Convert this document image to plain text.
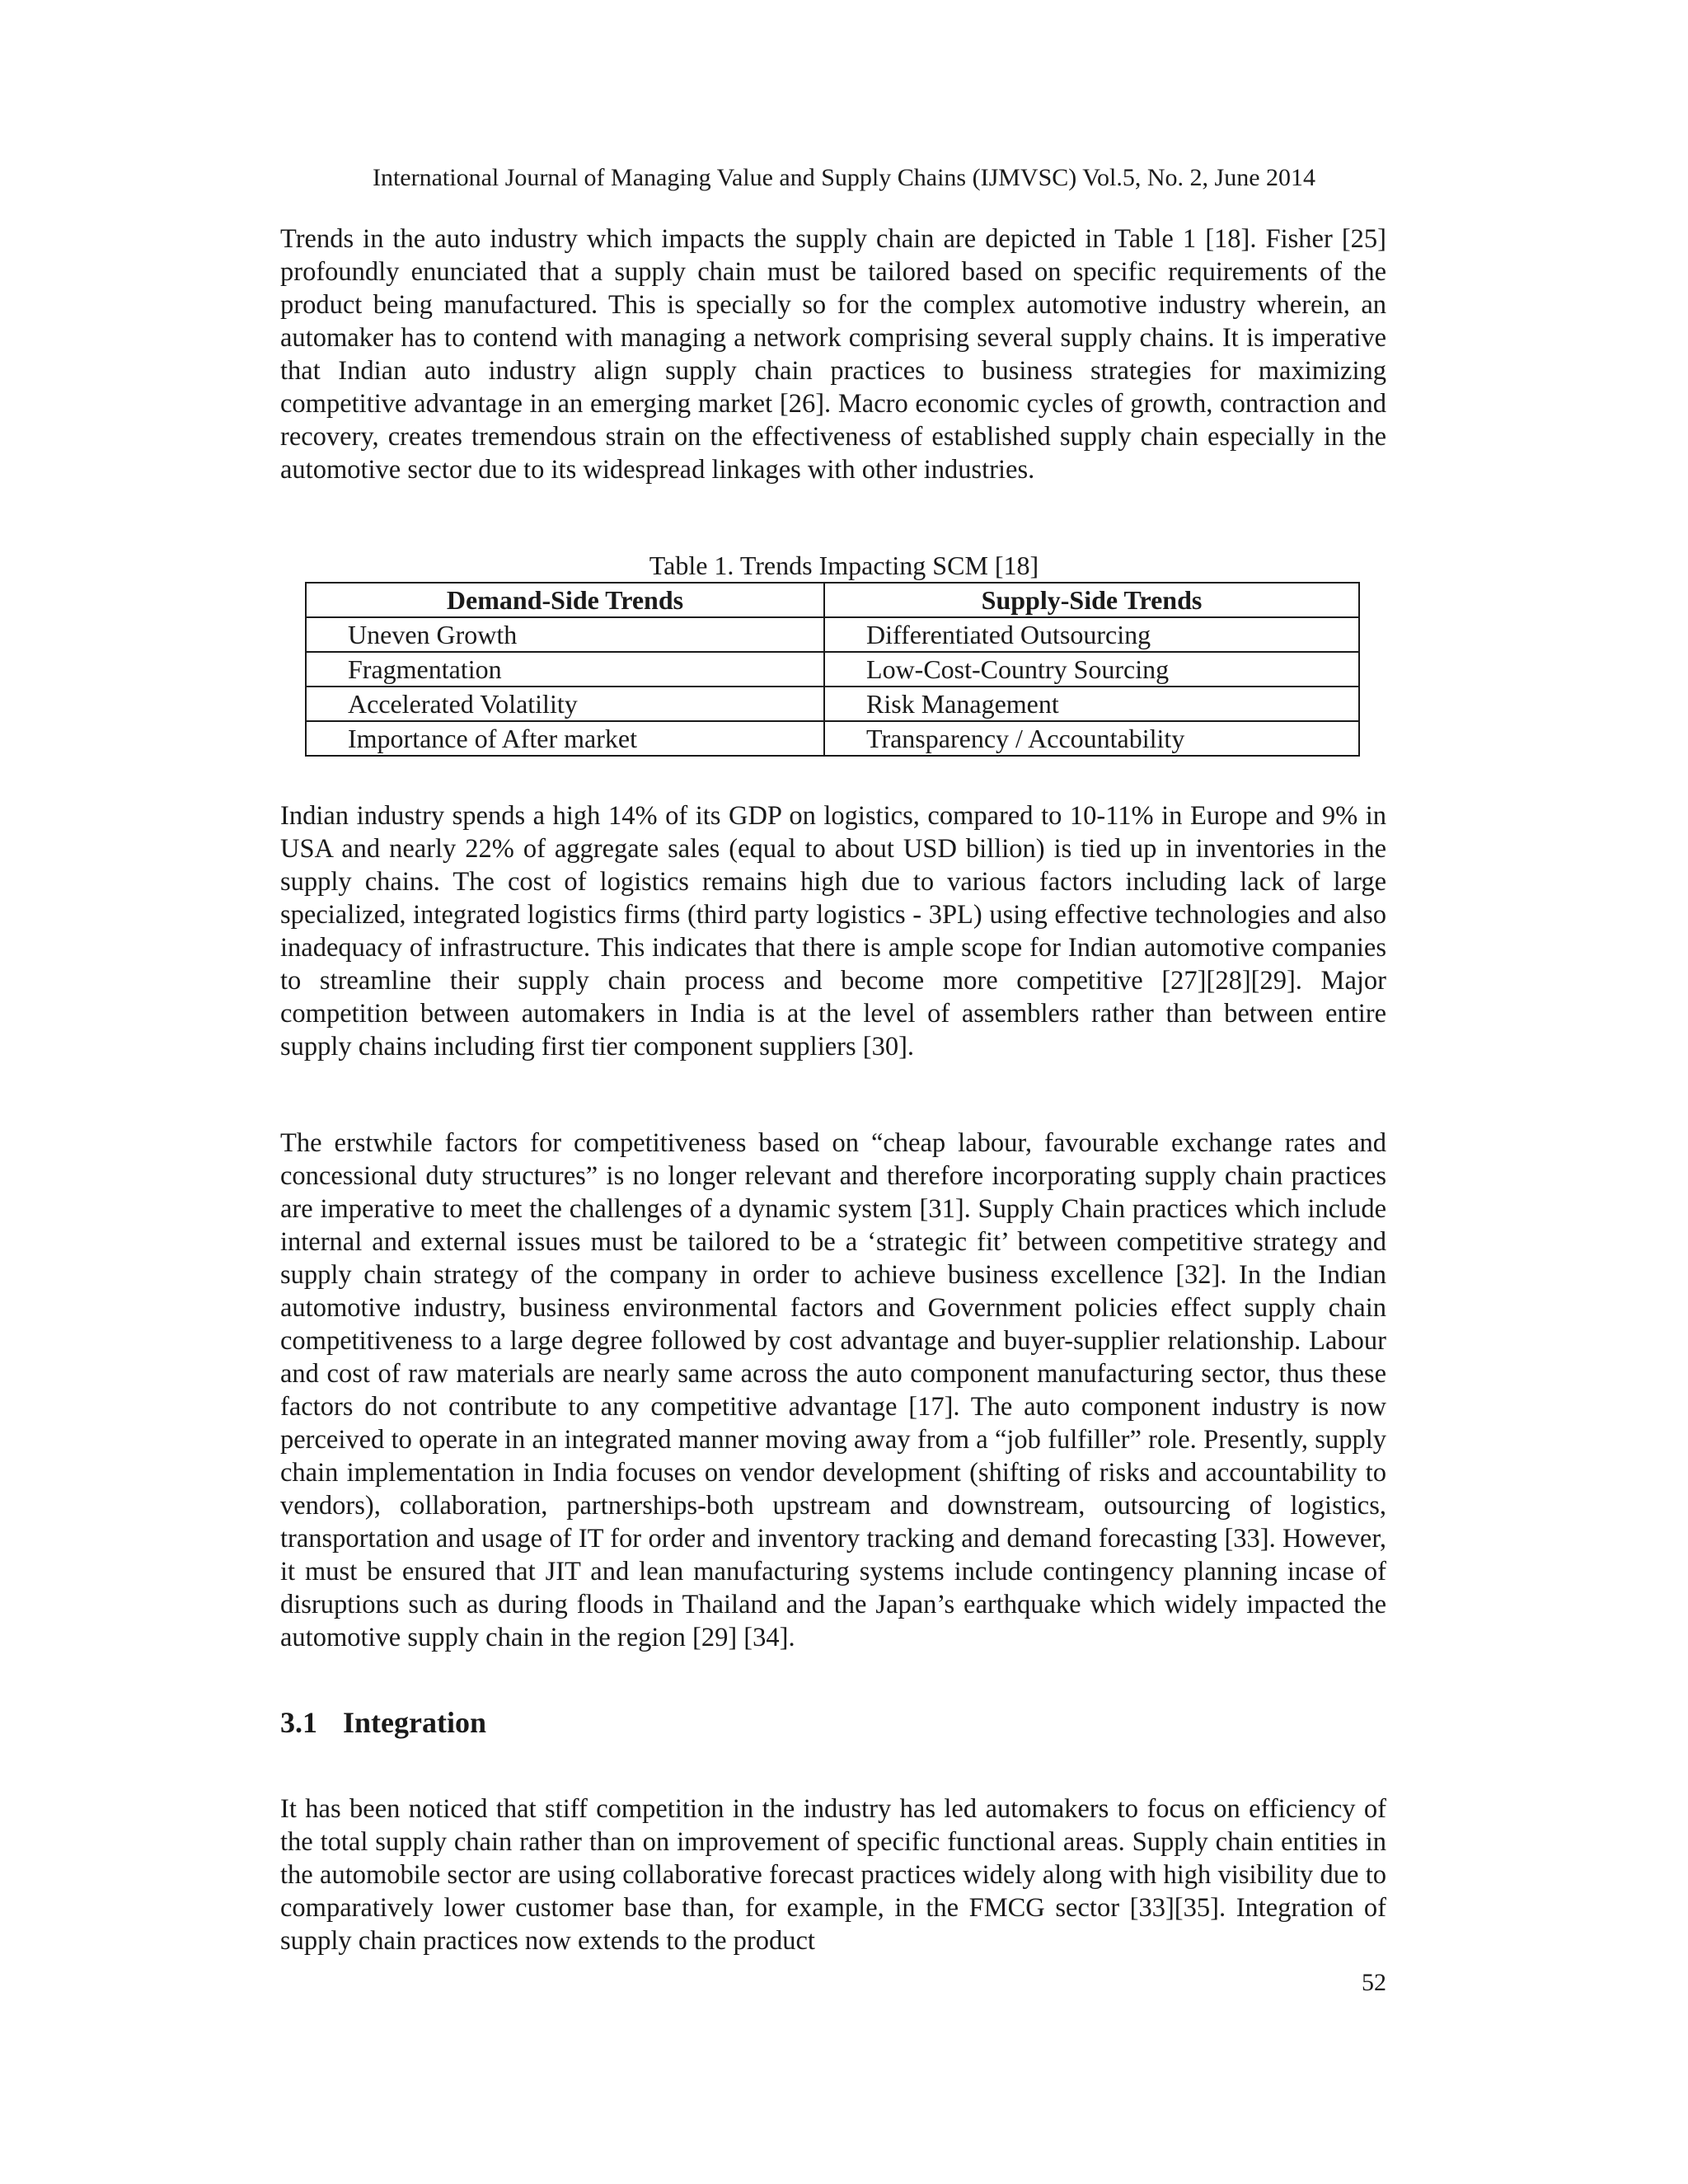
International Journal of Managing Value and Supply Chains (IJMVSC) Vol.5, No. 2, June 2014

Trends in the auto industry which impacts the supply chain are depicted in Table 1 [18]. Fisher [25] profoundly enunciated that a supply chain must be tailored based on specific requirements of the product being manufactured. This is specially so for the complex automotive industry wherein, an automaker has to contend with managing a network comprising several supply chains. It is imperative that Indian auto industry align supply chain practices to business strategies for maximizing competitive advantage in an emerging market [26]. Macro economic cycles of growth, contraction and recovery, creates tremendous strain on the effectiveness of established supply chain especially in the automotive sector due to its widespread linkages with other industries.

Table 1. Trends Impacting SCM [18]
Demand-Side Trends	Supply-Side Trends
Uneven Growth	Differentiated Outsourcing
Fragmentation	Low-Cost-Country Sourcing
Accelerated Volatility	Risk Management
Importance of After market	Transparency / Accountability

Indian industry spends a high 14% of its GDP on logistics, compared to 10-11% in Europe and 9% in USA and nearly 22% of aggregate sales (equal to about USD billion) is tied up in inventories in the supply chains. The cost of logistics remains high due to various factors including lack of large specialized, integrated logistics firms (third party logistics - 3PL) using effective technologies and also inadequacy of infrastructure. This indicates that there is ample scope for Indian automotive companies to streamline their supply chain process and become more competitive [27][28][29]. Major competition between automakers in India is at the level of assemblers rather than between entire supply chains including first tier component suppliers [30].

The erstwhile factors for competitiveness based on “cheap labour, favourable exchange rates and concessional duty structures” is no longer relevant and therefore incorporating supply chain practices are imperative to meet the challenges of a dynamic system [31]. Supply Chain practices which include internal and external issues must be tailored to be a ‘strategic fit’ between competitive strategy and supply chain strategy of the company in order to achieve business excellence [32]. In the Indian automotive industry, business environmental factors and Government policies effect supply chain competitiveness to a large degree followed by cost advantage and buyer-supplier relationship. Labour and cost of raw materials are nearly same across the auto component manufacturing sector, thus these factors do not contribute to any competitive advantage [17]. The auto component industry is now perceived to operate in an integrated manner moving away from a “job fulfiller” role. Presently, supply chain implementation in India focuses on vendor development (shifting of risks and accountability to vendors), collaboration, partnerships-both upstream and downstream, outsourcing of logistics, transportation and usage of IT for order and inventory tracking and demand forecasting [33]. However, it must be ensured that JIT and lean manufacturing systems include contingency planning incase of disruptions such as during floods in Thailand and the Japan’s earthquake which widely impacted the automotive supply chain in the region [29] [34].

3.1 Integration

It has been noticed that stiff competition in the industry has led automakers to focus on efficiency of the total supply chain rather than on improvement of specific functional areas. Supply chain entities in the automobile sector are using collaborative forecast practices widely along with high visibility due to comparatively lower customer base than, for example, in the FMCG sector [33][35]. Integration of supply chain practices now extends to the product

52
